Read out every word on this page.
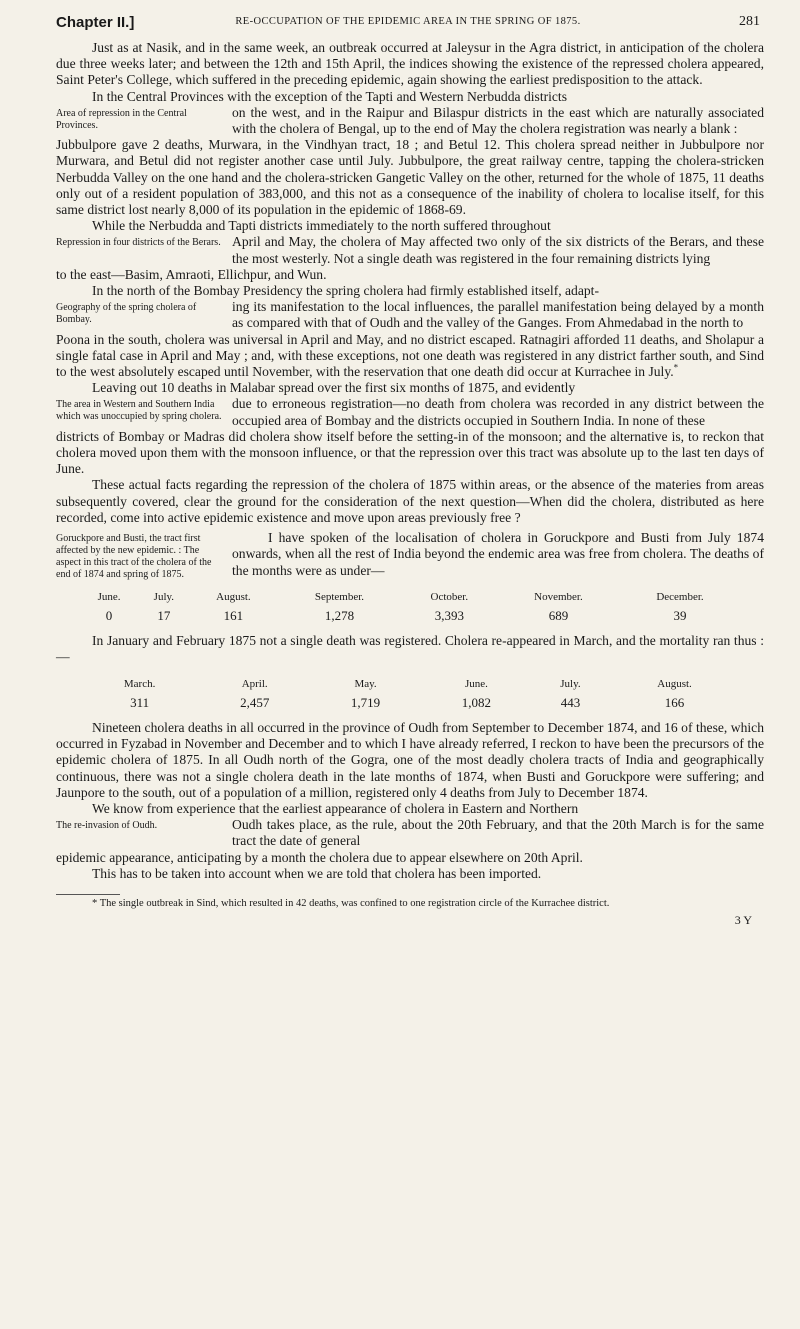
Chapter II.]	RE-OCCUPATION OF THE EPIDEMIC AREA IN THE SPRING OF 1875.	281

Just as at Nasik, and in the same week, an outbreak occurred at Jaleysur in the Agra district, in anticipation of the cholera due three weeks later; and between the 12th and 15th April, the indices showing the existence of the repressed cholera appeared, Saint Peter's College, which suffered in the preceding epidemic, again showing the earliest predisposition to the attack.

In the Central Provinces with the exception of the Tapti and Western Nerbudda districts

Area of repression in the Central Provinces.

on the west, and in the Raipur and Bilaspur districts in the east which are naturally associated with the cholera of Bengal, up to the end of May the cholera registration was nearly a blank :

Jubbulpore gave 2 deaths, Murwara, in the Vindhyan tract, 18 ; and Betul 12. This cholera spread neither in Jubbulpore nor Murwara, and Betul did not register another case until July. Jubbulpore, the great railway centre, tapping the cholera-stricken Nerbudda Valley on the one hand and the cholera-stricken Gangetic Valley on the other, returned for the whole of 1875, 11 deaths only out of a resident population of 383,000, and this not as a consequence of the inability of cholera to localise itself, for this same district lost nearly 8,000 of its population in the epidemic of 1868-69.

While the Nerbudda and Tapti districts immediately to the north suffered throughout

Repression in four districts of the Berars. April and May, the cholera of May affected two only of the six districts of the Berars, and these the most westerly. Not a single death was registered in the four remaining districts lying

to the east—Basim, Amraoti, Ellichpur, and Wun.

In the north of the Bombay Presidency the spring cholera had firmly established itself, adapt-

Geography of the spring cholera of Bombay.

ing its manifestation to the local influences, the parallel manifestation being delayed by a month as compared with that of Oudh and the valley of the Ganges. From Ahmedabad in the north to

Poona in the south, cholera was universal in April and May, and no district escaped. Ratnagiri afforded 11 deaths, and Sholapur a single fatal case in April and May ; and, with these exceptions, not one death was registered in any district farther south, and Sind to the west absolutely escaped until November, with the reservation that one death did occur at Kurrachee in July.*

Leaving out 10 deaths in Malabar spread over the first six months of 1875, and evidently

The area in Western and Southern India which was unoccupied by spring cholera.

due to erroneous registration—no death from cholera was recorded in any district between the occupied area of Bombay and the districts occupied in Southern India. In none of these

districts of Bombay or Madras did cholera show itself before the setting-in of the monsoon; and the alternative is, to reckon that cholera moved upon them with the monsoon influence, or that the repression over this tract was absolute up to the last ten days of June.

These actual facts regarding the repression of the cholera of 1875 within areas, or the absence of the materies from areas subsequently covered, clear the ground for the consideration of the next question—When did the cholera, distributed as here recorded, come into active epidemic existence and move upon areas previously free ?

Goruckpore and Busti, the tract first affected by the new epidemic. : The aspect in this tract of the cholera of the end of 1874 and spring of 1875.

I have spoken of the localisation of cholera in Goruckpore and Busti from July 1874 onwards, when all the rest of India beyond the endemic area was free from cholera. The deaths of the months were as under—

June.	July.	August.	September.	October.	November.	December.
0	17	161	1,278	3,393	689	39

In January and February 1875 not a single death was registered. Cholera re-appeared in March, and the mortality ran thus :—

March.	April.	May.	June.	July.	August.
311	2,457	1,719	1,082	443	166

Nineteen cholera deaths in all occurred in the province of Oudh from September to December 1874, and 16 of these, which occurred in Fyzabad in November and December and to which I have already referred, I reckon to have been the precursors of the epidemic cholera of 1875. In all Oudh north of the Gogra, one of the most deadly cholera tracts of India and geographically continuous, there was not a single cholera death in the late months of 1874, when Busti and Goruckpore were suffering; and Jaunpore to the south, out of a population of a million, registered only 4 deaths from July to December 1874.

We know from experience that the earliest appearance of cholera in Eastern and Northern

The re-invasion of Oudh.	Oudh takes place, as the rule, about the 20th February, and that the 20th March is for the same tract the date of general

epidemic appearance, anticipating by a month the cholera due to appear elsewhere on 20th April.

This has to be taken into account when we are told that cholera has been imported.

* The single outbreak in Sind, which resulted in 42 deaths, was confined to one registration circle of the Kurrachee district.

3 Y
